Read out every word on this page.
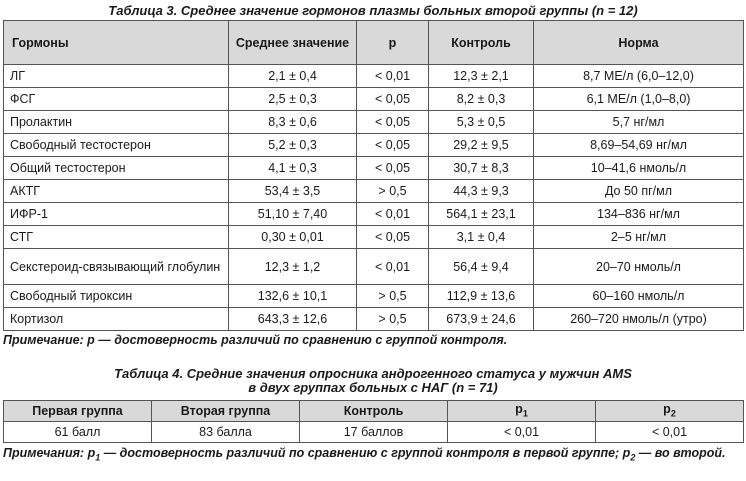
Таблица 3. Среднее значение гормонов плазмы больных второй группы (n = 12)
Гормоны	Среднее значение	p	Контроль	Норма
ЛГ	2,1 ± 0,4	< 0,01	12,3 ± 2,1	8,7 МЕ/л (6,0–12,0)
ФСГ	2,5 ± 0,3	< 0,05	8,2 ± 0,3	6,1 МЕ/л (1,0–8,0)
Пролактин	8,3 ± 0,6	< 0,05	5,3 ± 0,5	5,7 нг/мл
Свободный тестостерон	5,2 ± 0,3	< 0,05	29,2 ± 9,5	8,69–54,69 нг/мл
Общий тестостерон	4,1 ± 0,3	< 0,05	30,7 ± 8,3	10–41,6 нмоль/л
АКТГ	53,4 ± 3,5	> 0,5	44,3 ± 9,3	До 50 пг/мл
ИФР-1	51,10 ± 7,40	< 0,01	564,1 ± 23,1	134–836 нг/мл
СТГ	0,30 ± 0,01	< 0,05	3,1 ± 0,4	2–5 нг/мл
Секстероид-связывающий глобулин	12,3 ± 1,2	< 0,01	56,4 ± 9,4	20–70 нмоль/л
Свободный тироксин	132,6 ± 10,1	> 0,5	112,9 ± 13,6	60–160 нмоль/л
Кортизол	643,3 ± 12,6	> 0,5	673,9 ± 24,6	260–720 нмоль/л (утро)
Примечание: p — достоверность различий по сравнению с группой контроля.
Таблица 4. Средние значения опросника андрогенного статуса у мужчин AMS
в двух группах больных с НАГ (n = 71)
Первая группа	Вторая группа	Контроль	$p_1$	$p_2$
61 балл	83 балла	17 баллов	< 0,01	< 0,01
Примечания: $p_1$ — достоверность различий по сравнению с группой контроля в первой группе; $p_2$ — во второй.
